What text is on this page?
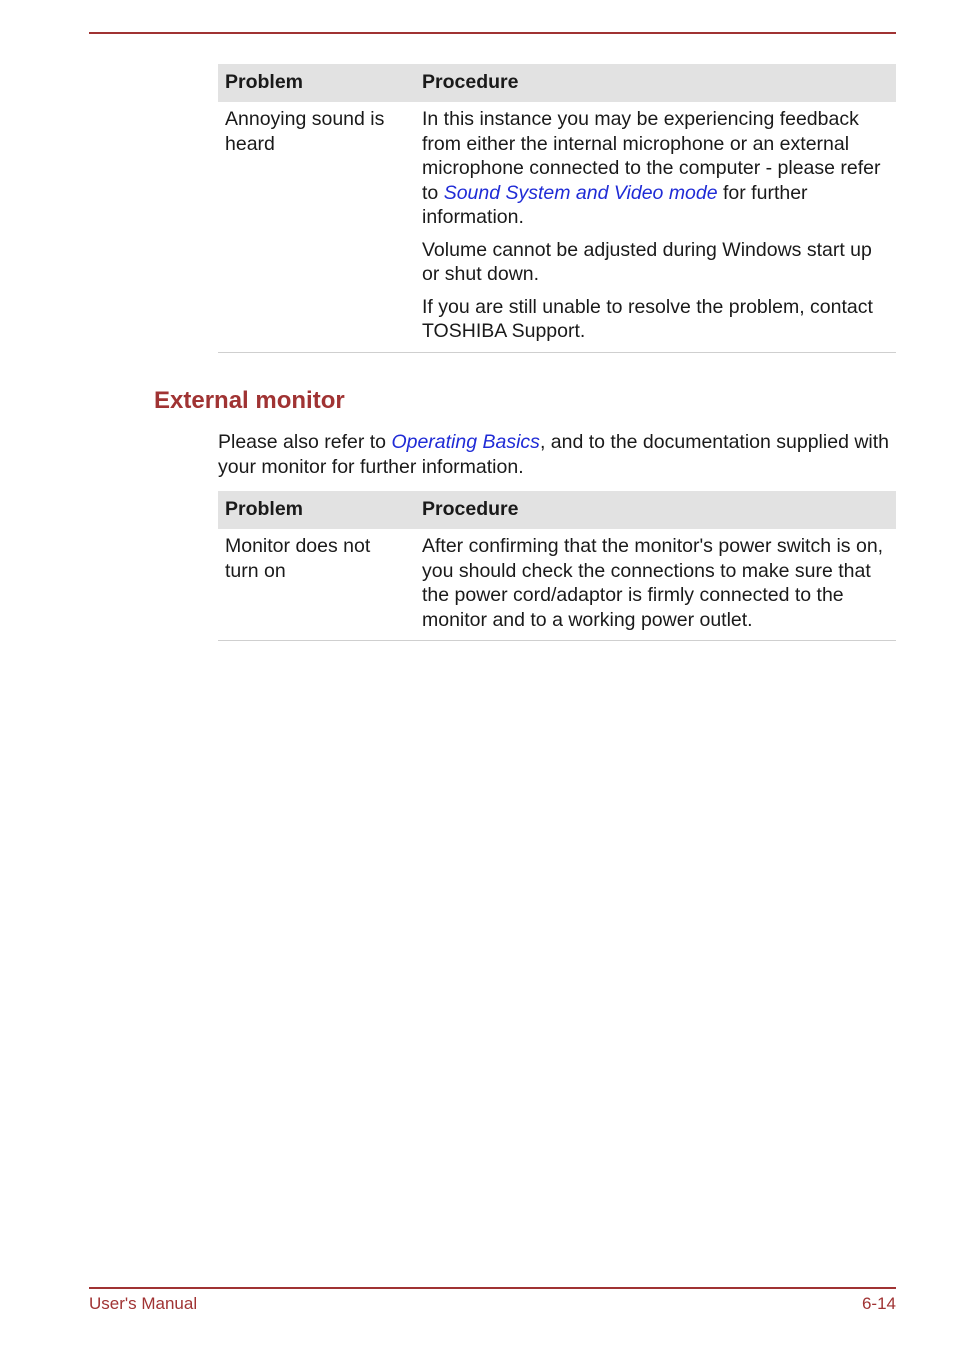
Problem	Procedure
Annoying sound is heard	In this instance you may be experiencing feedback from either the internal microphone or an external microphone connected to the computer - please refer to Sound System and Video mode for further information.

Volume cannot be adjusted during Windows start up or shut down.

If you are still unable to resolve the problem, contact TOSHIBA Support.

External monitor

Please also refer to Operating Basics, and to the documentation supplied with your monitor for further information.

Problem	Procedure
Monitor does not turn on	After confirming that the monitor's power switch is on, you should check the connections to make sure that the power cord/adaptor is firmly connected to the monitor and to a working power outlet.
User's Manual	6-14
